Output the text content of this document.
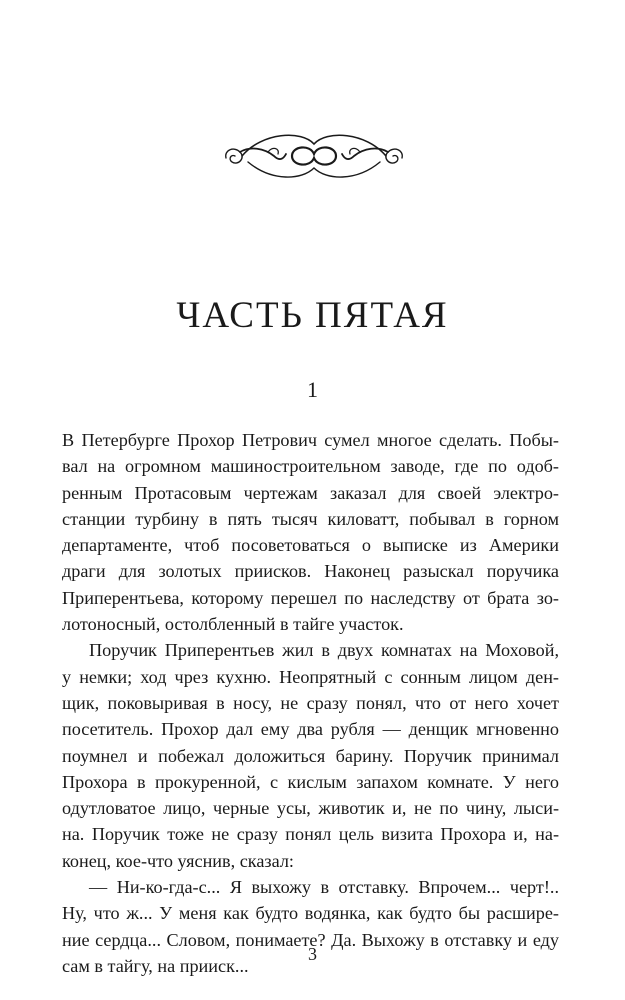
ЧАСТЬ ПЯТАЯ
1
В Петербурге Прохор Петрович сумел многое сделать. Побы-
вал на огромном машиностроительном заводе, где по одоб-
ренным Протасовым чертежам заказал для своей электро-
станции турбину в пять тысяч киловатт, побывал в горном
департаменте, чтоб посоветоваться о выписке из Америки
драги для золотых приисков. Наконец разыскал поручика
Приперентьева, которому перешел по наследству от брата зо-
лотоносный, остолбленный в тайге участок.
Поручик Приперентьев жил в двух комнатах на Моховой,
у немки; ход чрез кухню. Неопрятный с сонным лицом ден-
щик, поковыривая в носу, не сразу понял, что от него хочет
посетитель. Прохор дал ему два рубля — денщик мгновенно
поумнел и побежал доложиться барину. Поручик принимал
Прохора в прокуренной, с кислым запахом комнате. У него
одутловатое лицо, черные усы, животик и, не по чину, лыси-
на. Поручик тоже не сразу понял цель визита Прохора и, на-
конец, кое-что уяснив, сказал:
— Ни-ко-гда-с... Я выхожу в отставку. Впрочем... черт!..
Ну, что ж... У меня как будто водянка, как будто бы расшире-
ние сердца... Словом, понимаете? Да. Выхожу в отставку и еду
сам в тайгу, на прииск...
3
